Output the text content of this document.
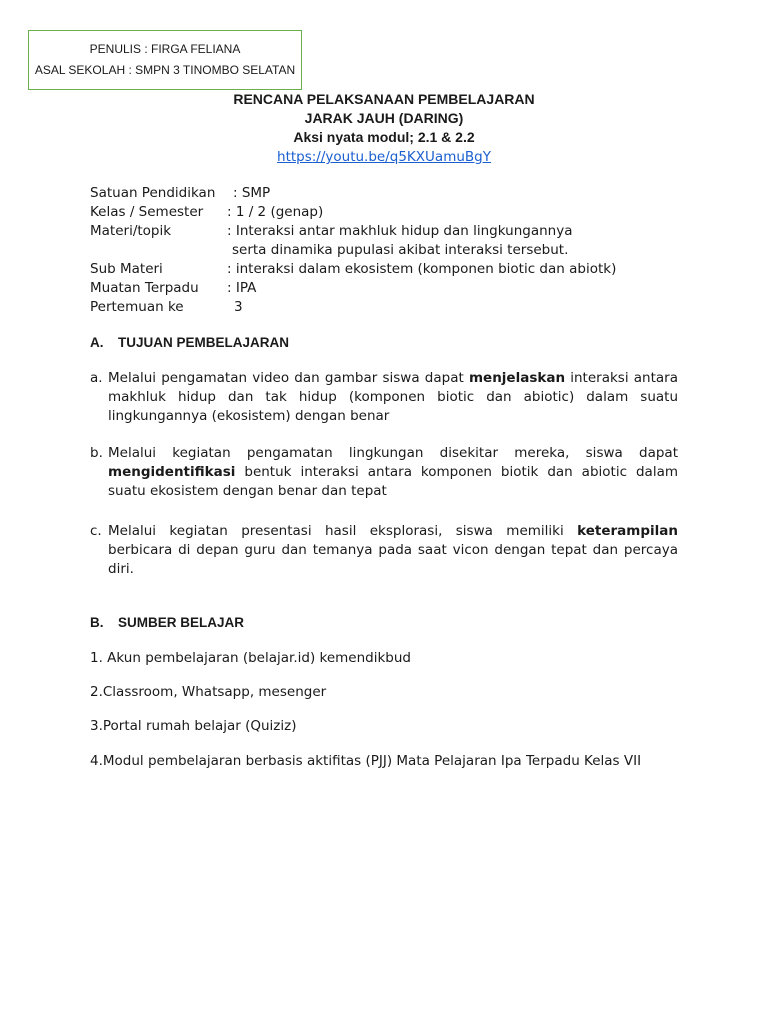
PENULIS : FIRGA FELIANA
ASAL SEKOLAH : SMPN 3 TINOMBO SELATAN
RENCANA PELAKSANAAN PEMBELAJARAN
JARAK JAUH (DARING)
Aksi nyata modul; 2.1 & 2.2
https://youtu.be/q5KXUamuBgY
Satuan Pendidikan : SMP
Kelas / Semester : 1 / 2 (genap)
Materi/topik	: Interaksi antar makhluk hidup dan lingkungannya
serta dinamika pupulasi akibat interaksi tersebut.
Sub Materi	: interaksi dalam ekosistem (komponen biotic dan abiotk)
Muatan Terpadu : IPA
Pertemuan ke	3
A. TUJUAN PEMBELAJARAN
a. Melalui pengamatan video dan gambar siswa dapat menjelaskan interaksi antara makhluk hidup dan tak hidup (komponen biotic dan abiotic) dalam suatu lingkungannya (ekosistem) dengan benar
b. Melalui kegiatan pengamatan lingkungan disekitar mereka, siswa dapat mengidentifikasi bentuk interaksi antara komponen biotik dan abiotic dalam suatu ekosistem dengan benar dan tepat
c. Melalui kegiatan presentasi hasil eksplorasi, siswa memiliki keterampilan berbicara di depan guru dan temanya pada saat vicon dengan tepat dan percaya diri.
B. SUMBER BELAJAR
1. Akun pembelajaran (belajar.id) kemendikbud
2.Classroom, Whatsapp, mesenger
3.Portal rumah belajar (Quiziz)
4.Modul pembelajaran berbasis aktifitas (PJJ) Mata Pelajaran Ipa Terpadu Kelas VII
